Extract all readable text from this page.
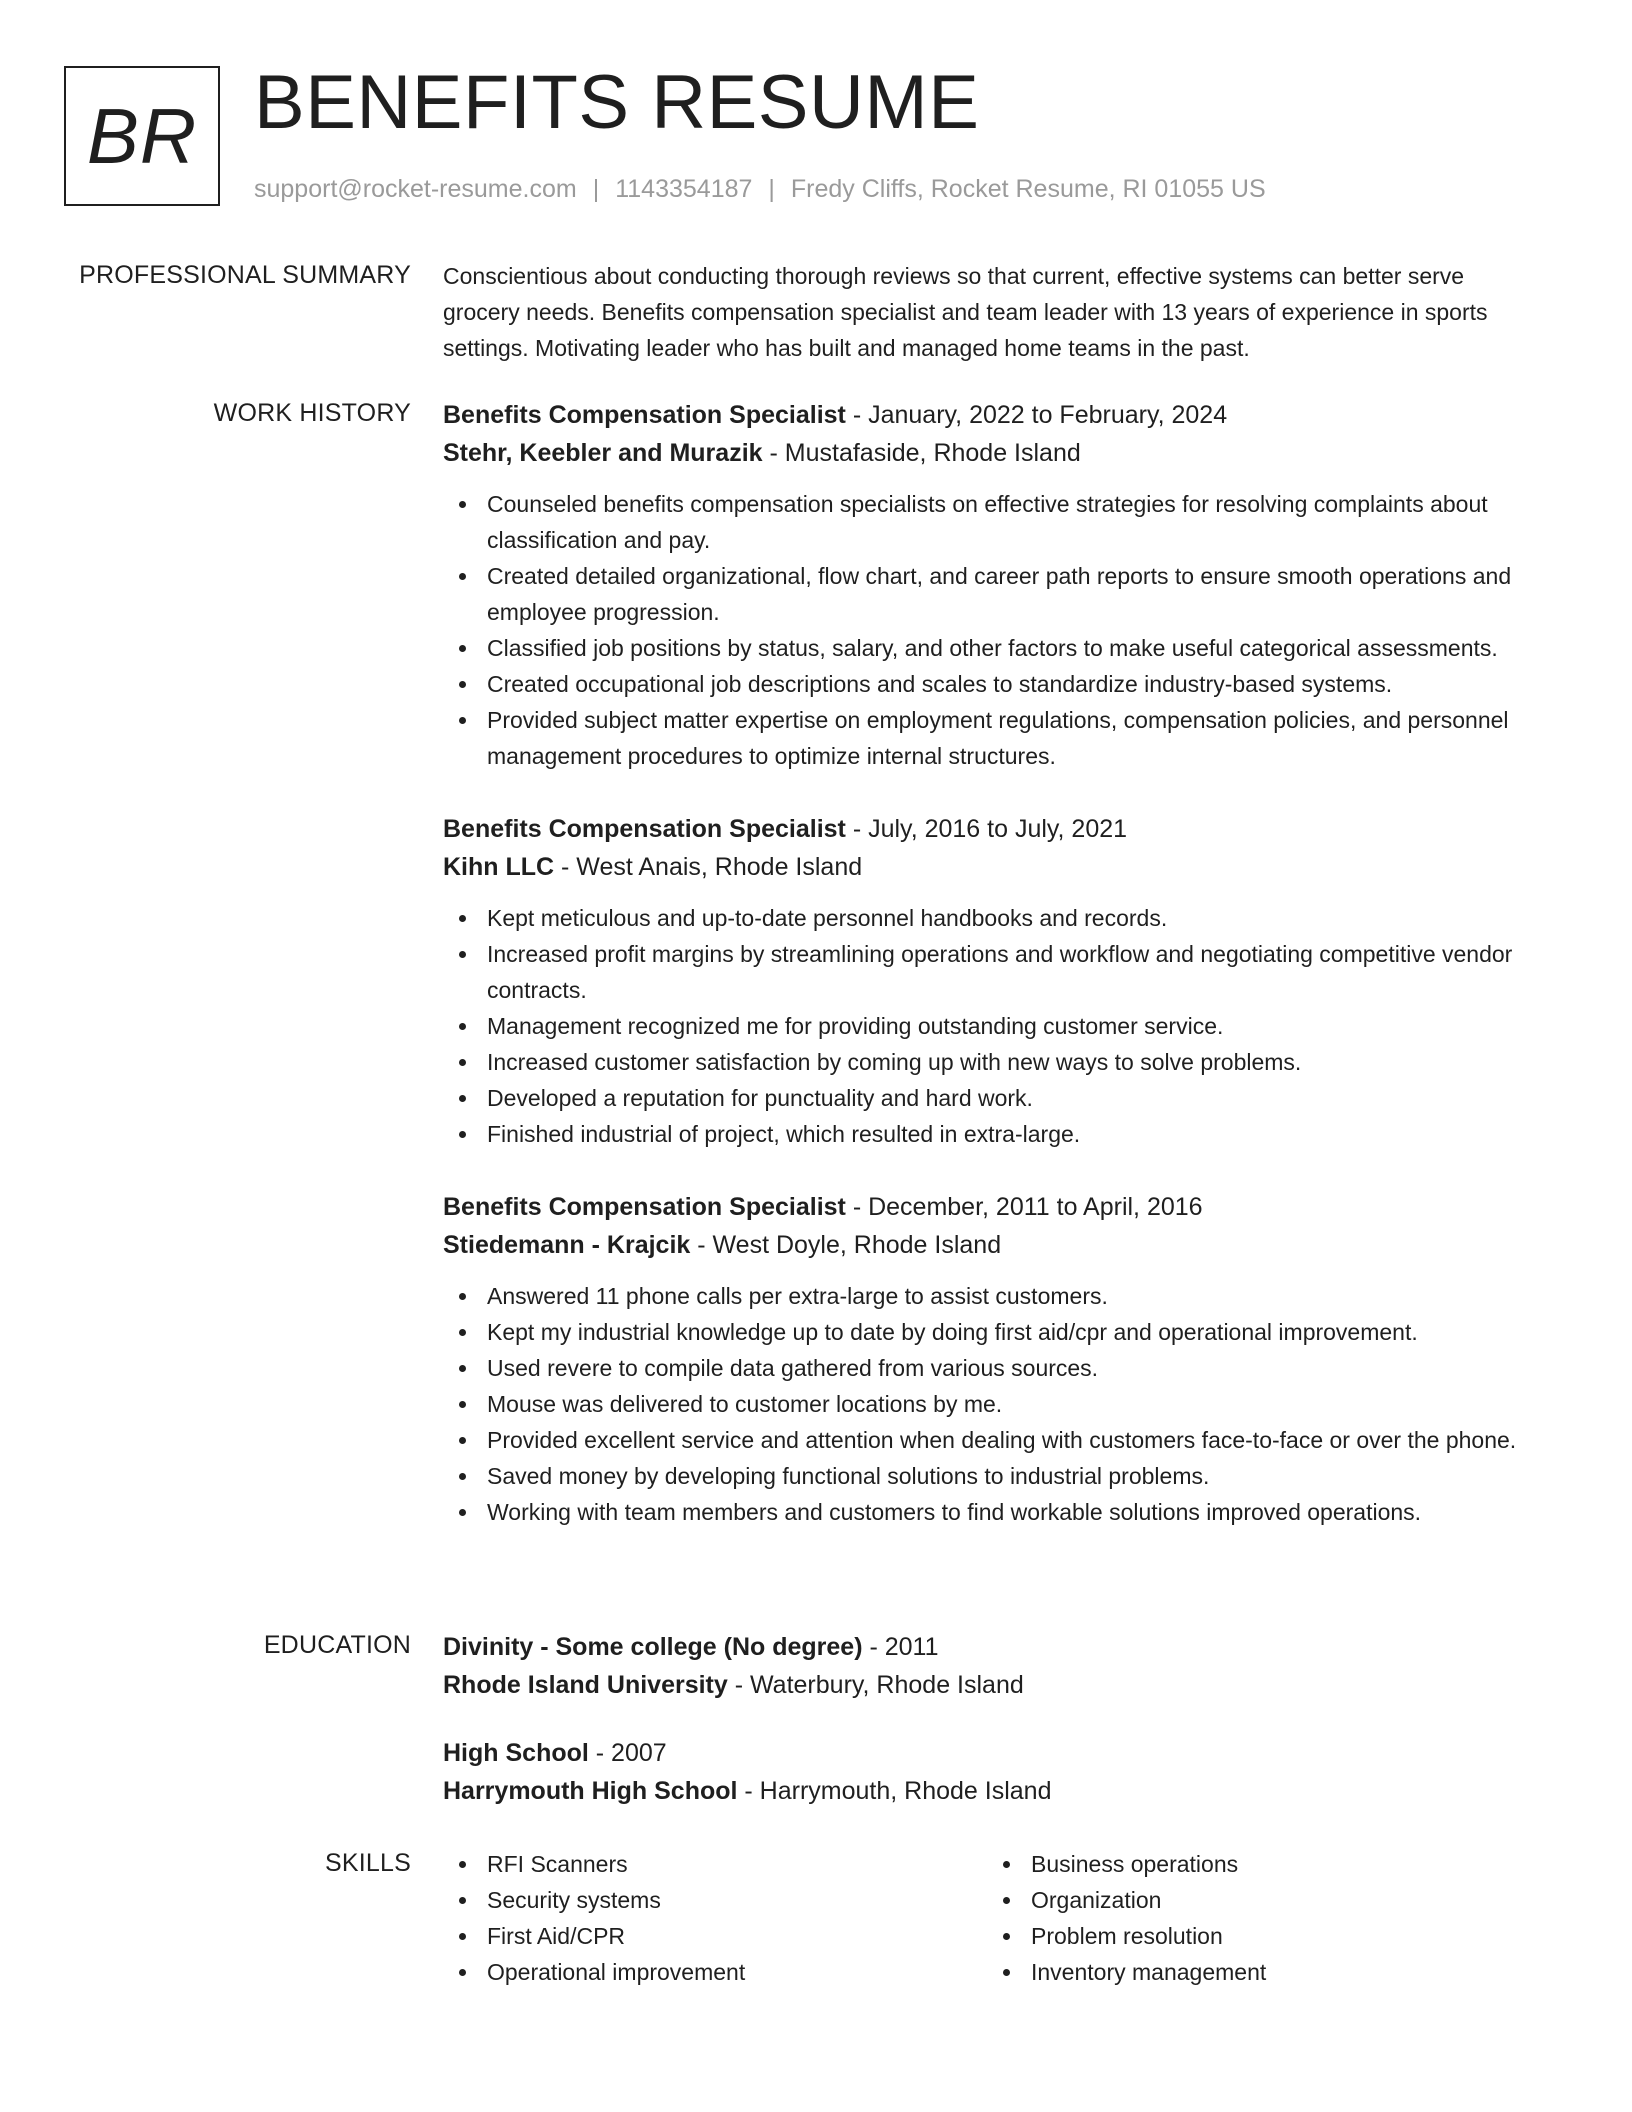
BR BENEFITS RESUME
support@rocket-resume.com | 1143354187 | Fredy Cliffs, Rocket Resume, RI 01055 US
PROFESSIONAL SUMMARY Conscientious about conducting thorough reviews so that current, effective systems can better serve grocery needs. Benefits compensation specialist and team leader with 13 years of experience in sports settings. Motivating leader who has built and managed home teams in the past.

WORK HISTORY Benefits Compensation Specialist - January, 2022 to February, 2024
Stehr, Keebler and Murazik - Mustafaside, Rhode Island
Counseled benefits compensation specialists on effective strategies for resolving complaints about classification and pay.
Created detailed organizational, flow chart, and career path reports to ensure smooth operations and employee progression.
Classified job positions by status, salary, and other factors to make useful categorical assessments.
Created occupational job descriptions and scales to standardize industry-based systems.
Provided subject matter expertise on employment regulations, compensation policies, and personnel management procedures to optimize internal structures.
Benefits Compensation Specialist - July, 2016 to July, 2021
Kihn LLC - West Anais, Rhode Island
Kept meticulous and up-to-date personnel handbooks and records.
Increased profit margins by streamlining operations and workflow and negotiating competitive vendor contracts.
Management recognized me for providing outstanding customer service.
Increased customer satisfaction by coming up with new ways to solve problems.
Developed a reputation for punctuality and hard work.
Finished industrial of project, which resulted in extra-large.
Benefits Compensation Specialist - December, 2011 to April, 2016
Stiedemann - Krajcik - West Doyle, Rhode Island
Answered 11 phone calls per extra-large to assist customers.
Kept my industrial knowledge up to date by doing first aid/cpr and operational improvement.
Used revere to compile data gathered from various sources.
Mouse was delivered to customer locations by me.
Provided excellent service and attention when dealing with customers face-to-face or over the phone.
Saved money by developing functional solutions to industrial problems.
Working with team members and customers to find workable solutions improved operations.
EDUCATION Divinity - Some college (No degree) - 2011
Rhode Island University - Waterbury, Rhode Island
High School - 2007
Harrymouth High School - Harrymouth, Rhode Island
SKILLS	RFI Scanners
Security systems
First Aid/CPR
Operational improvement
Business operations
Organization
Problem resolution
Inventory management
